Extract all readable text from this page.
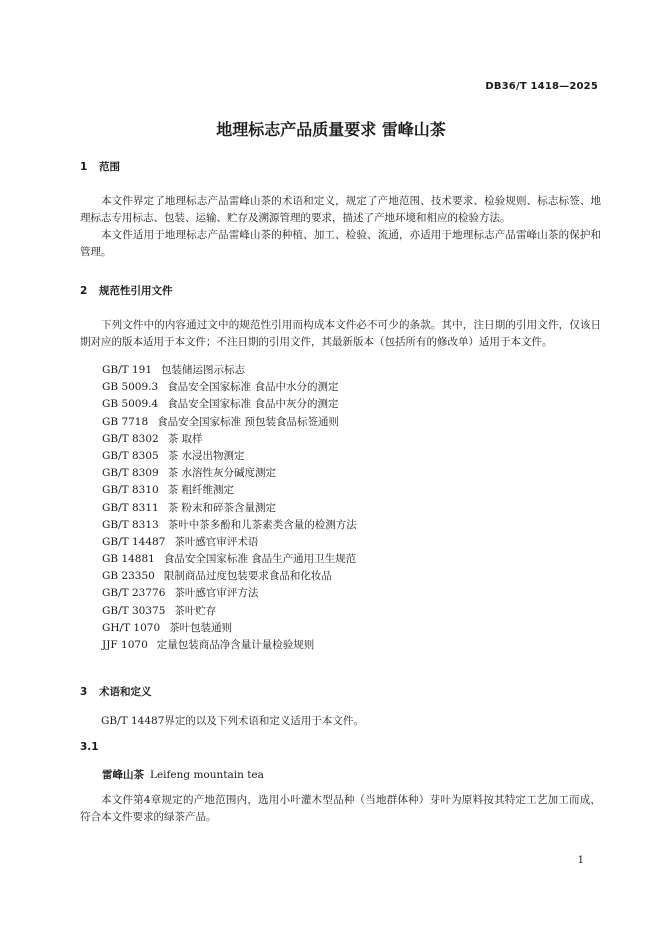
DB36/T 1418—2025
地理标志产品质量要求 雷峰山茶
1 范围

本文件界定了地理标志产品雷峰山茶的术语和定义，规定了产地范围、技术要求、检验规则、标志标签、地理标志专用标志、包装、运输、贮存及溯源管理的要求，描述了产地环境和相应的检验方法。

本文件适用于地理标志产品雷峰山茶的种植、加工、检验、流通，亦适用于地理标志产品雷峰山茶的保护和管理。

2 规范性引用文件

下列文件中的内容通过文中的规范性引用而构成本文件必不可少的条款。其中，注日期的引用文件，仅该日期对应的版本适用于本文件；不注日期的引用文件，其最新版本（包括所有的修改单）适用于本文件。

GB/T 191 包装储运图示标志
GB 5009.3 食品安全国家标准 食品中水分的测定
GB 5009.4 食品安全国家标准 食品中灰分的测定
GB 7718 食品安全国家标准 预包装食品标签通则
GB/T 8302 茶 取样
GB/T 8305 茶 水浸出物测定
GB/T 8309 茶 水溶性灰分碱度测定
GB/T 8310 茶 粗纤维测定
GB/T 8311 茶 粉末和碎茶含量测定
GB/T 8313 茶叶中茶多酚和儿茶素类含量的检测方法
GB/T 14487 茶叶感官审评术语
GB 14881 食品安全国家标准 食品生产通用卫生规范
GB 23350 限制商品过度包装要求食品和化妆品
GB/T 23776 茶叶感官审评方法
GB/T 30375 茶叶贮存
GH/T 1070 茶叶包装通则
JJF 1070 定量包装商品净含量计量检验规则
3 术语和定义

GB/T 14487界定的以及下列术语和定义适用于本文件。

3.1
雷峰山茶 Leifeng mountain tea

本文件第4章规定的产地范围内，选用小叶灌木型品种（当地群体种）芽叶为原料按其特定工艺加工而成，符合本文件要求的绿茶产品。

1
